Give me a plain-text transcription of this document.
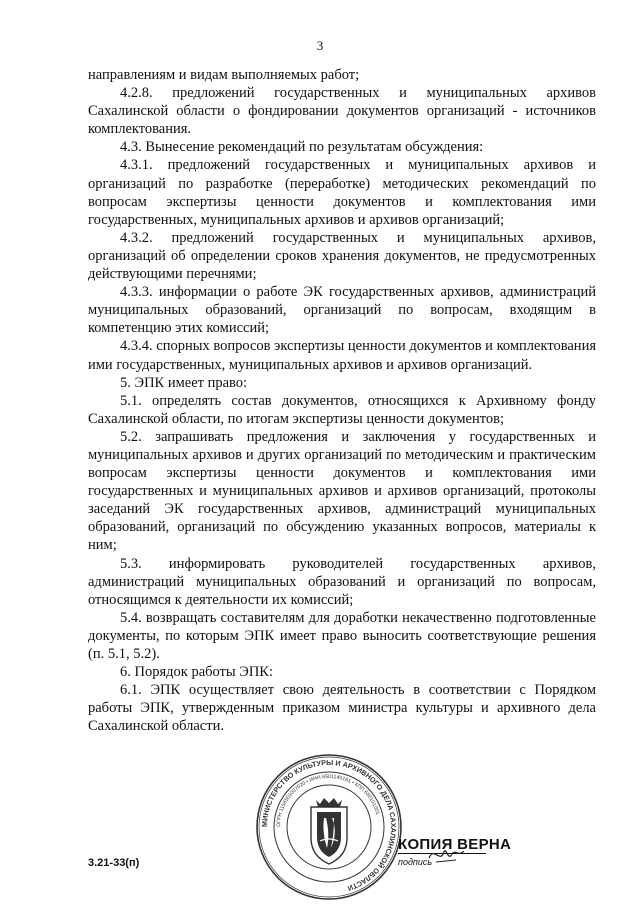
3

направлениям и видам выполняемых работ;

4.2.8. предложений государственных и муниципальных архивов Сахалинской области о фондировании документов организаций - источников комплектования.

4.3. Вынесение рекомендаций по результатам обсуждения:

4.3.1. предложений государственных и муниципальных архивов и организаций по разработке (переработке) методических рекомендаций по вопросам экспертизы ценности документов и комплектования ими государственных, муниципальных архивов и архивов организаций;

4.3.2. предложений государственных и муниципальных архивов, организаций об определении сроков хранения документов, не предусмотренных действующими перечнями;

4.3.3. информации о работе ЭК государственных архивов, администраций муниципальных образований, организаций по вопросам, входящим в компетенцию этих комиссий;

4.3.4. спорных вопросов экспертизы ценности документов и комплектования ими государственных, муниципальных архивов и архивов организаций.

5. ЭПК имеет право:

5.1. определять состав документов, относящихся к Архивному фонду Сахалинской области, по итогам экспертизы ценности документов;

5.2. запрашивать предложения и заключения у государственных и муниципальных архивов и других организаций по методическим и практическим вопросам экспертизы ценности документов и комплектования ими государственных и муниципальных архивов и архивов организаций, протоколы заседаний ЭК государственных архивов, администраций муниципальных образований, организаций по обсуждению указанных вопросов, материалы к ним;

5.3. информировать руководителей государственных архивов, администраций муниципальных образований и организаций по вопросам, относящимся к деятельности их комиссий;

5.4. возвращать составителям для доработки некачественно подготовленные документы, по которым ЭПК имеет право выносить соответствующие решения (п. 5.1, 5.2).

6. Порядок работы ЭПК:

6.1. ЭПК осуществляет свою деятельность в соответствии с Порядком работы ЭПК, утвержденным приказом министра культуры и архивного дела Сахалинской области.

3.21-33(п)
МИНИСТЕРСТВО КУЛЬТУРЫ И АРХИВНОГО ДЕЛА САХАЛИНСКОЙ ОБЛАСТИ
ОГРН 1156501007020 • ИНН 6501140161 • КПП 650101001
КОПИЯ ВЕРНА
подпись
